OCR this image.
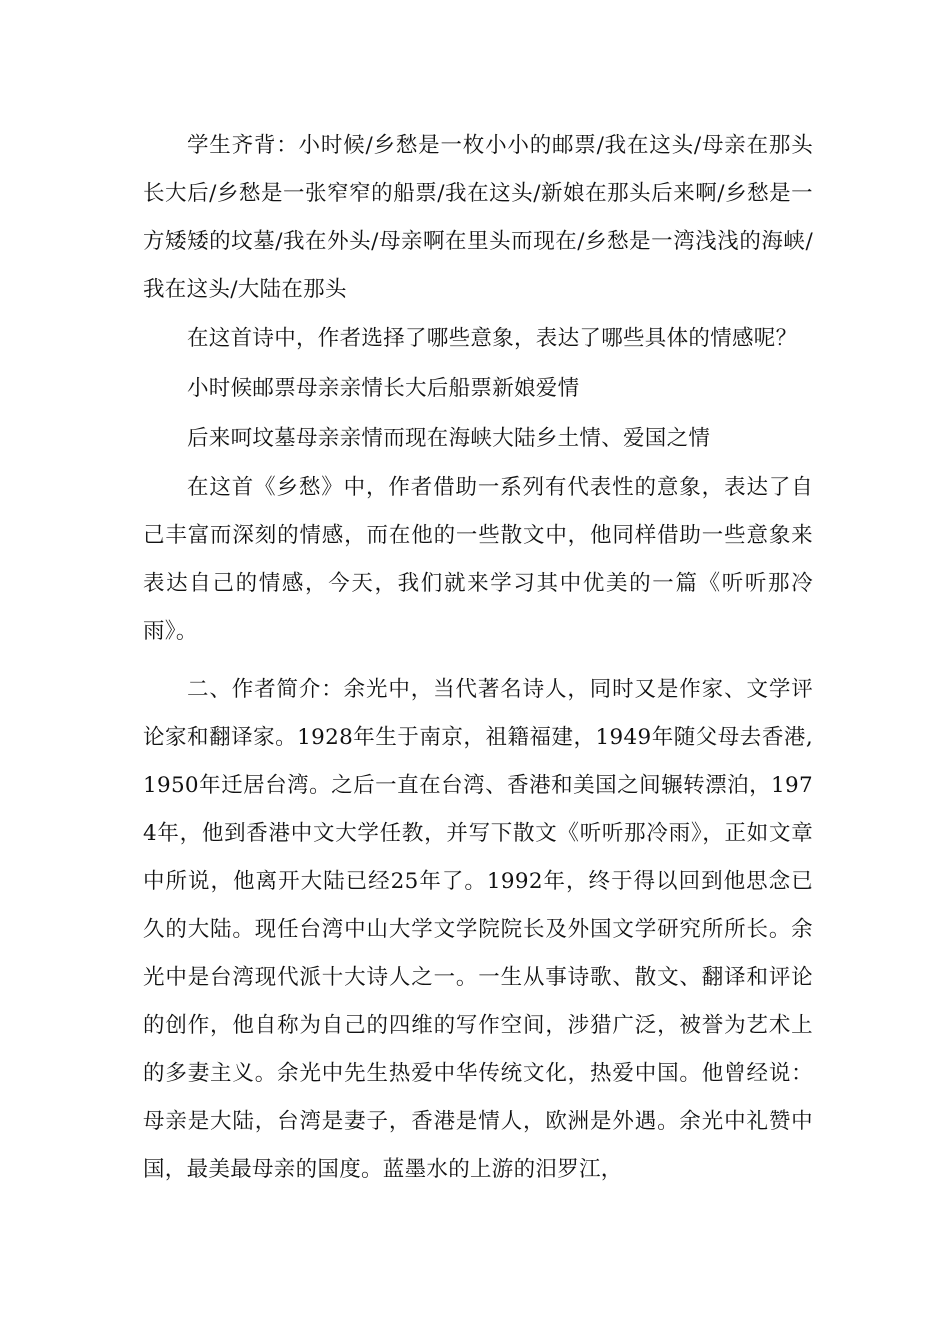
学生齐背：小时候/乡愁是一枚小小的邮票/我在这头/母亲在那头长大后/乡愁是一张窄窄的船票/我在这头/新娘在那头后来啊/乡愁是一方矮矮的坟墓/我在外头/母亲啊在里头而现在/乡愁是一湾浅浅的海峡/我在这头/大陆在那头

在这首诗中，作者选择了哪些意象，表达了哪些具体的情感呢？

小时候邮票母亲亲情长大后船票新娘爱情

后来呵坟墓母亲亲情而现在海峡大陆乡土情、爱国之情

在这首《乡愁》中，作者借助一系列有代表性的意象，表达了自己丰富而深刻的情感，而在他的一些散文中，他同样借助一些意象来表达自己的情感，今天，我们就来学习其中优美的一篇《听听那冷雨》。

二、作者简介：余光中，当代著名诗人，同时又是作家、文学评论家和翻译家。1928年生于南京，祖籍福建，1949年随父母去香港,1950年迁居台湾。之后一直在台湾、香港和美国之间辗转漂泊，1974年，他到香港中文大学任教，并写下散文《听听那冷雨》，正如文章中所说，他离开大陆已经25年了。1992年，终于得以回到他思念已久的大陆。现任台湾中山大学文学院院长及外国文学研究所所长。余光中是台湾现代派十大诗人之一。一生从事诗歌、散文、翻译和评论的创作，他自称为自己的四维的写作空间，涉猎广泛，被誉为艺术上的多妻主义。余光中先生热爱中华传统文化，热爱中国。他曾经说：母亲是大陆，台湾是妻子，香港是情人，欧洲是外遇。余光中礼赞中国，最美最母亲的国度。蓝墨水的上游的汨罗江，
